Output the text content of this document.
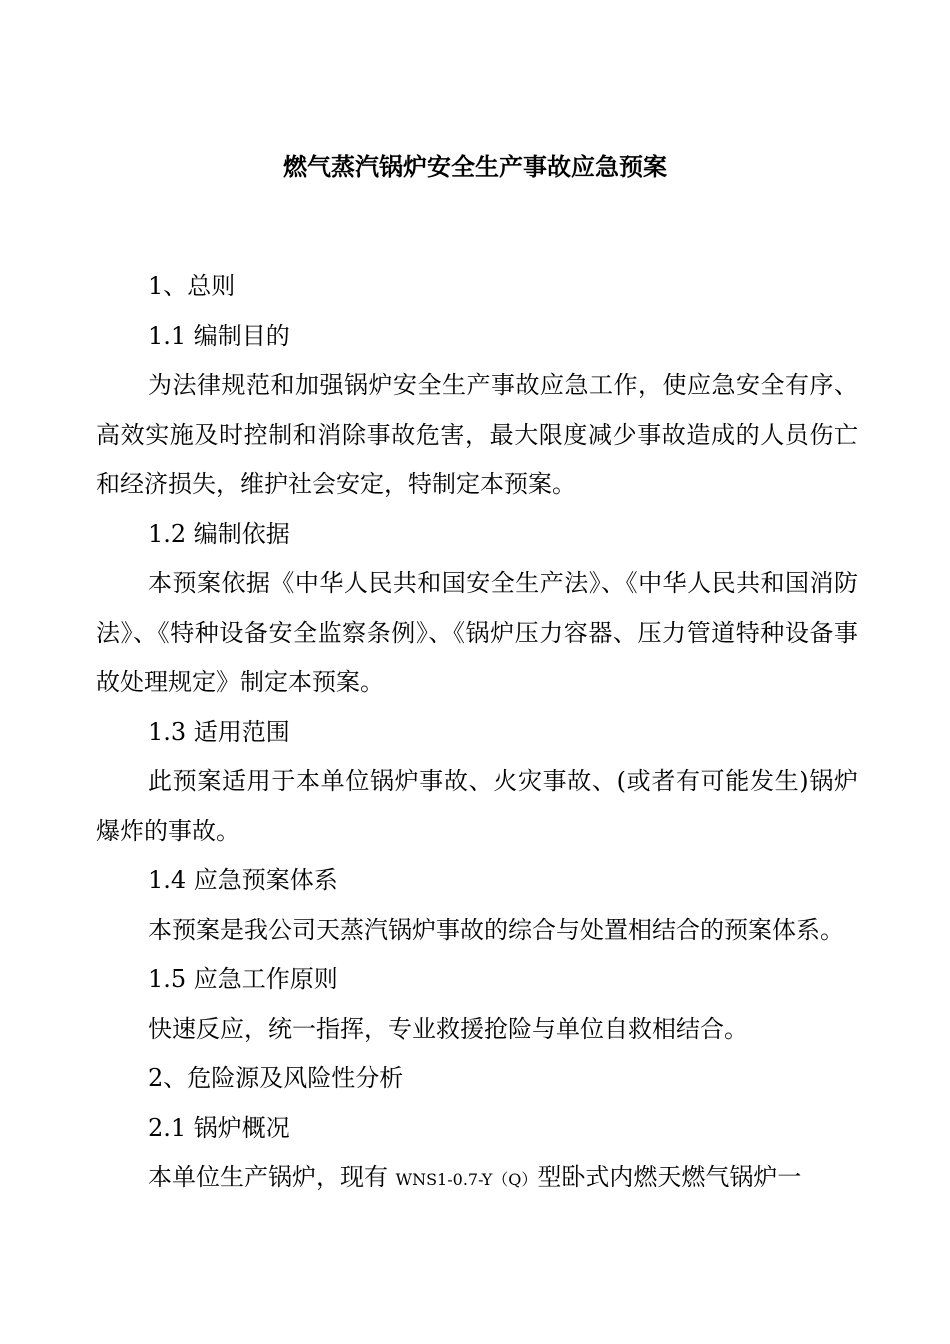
燃气蒸汽锅炉安全生产事故应急预案

1、总则

1.1 编制目的

为法律规范和加强锅炉安全生产事故应急工作，使应急安全有序、高效实施及时控制和消除事故危害，最大限度减少事故造成的人员伤亡和经济损失，维护社会安定，特制定本预案。

1.2 编制依据

本预案依据《中华人民共和国安全生产法》、《中华人民共和国消防法》、《特种设备安全监察条例》、《锅炉压力容器、压力管道特种设备事故处理规定》制定本预案。

1.3 适用范围

此预案适用于本单位锅炉事故、火灾事故、(或者有可能发生)锅炉爆炸的事故。

1.4 应急预案体系

本预案是我公司天蒸汽锅炉事故的综合与处置相结合的预案体系。

1.5 应急工作原则

快速反应，统一指挥，专业救援抢险与单位自救相结合。

2、危险源及风险性分析

2.1 锅炉概况

本单位生产锅炉，现有 WNS1-0.7-Y（Q）型卧式内燃天燃气锅炉一
